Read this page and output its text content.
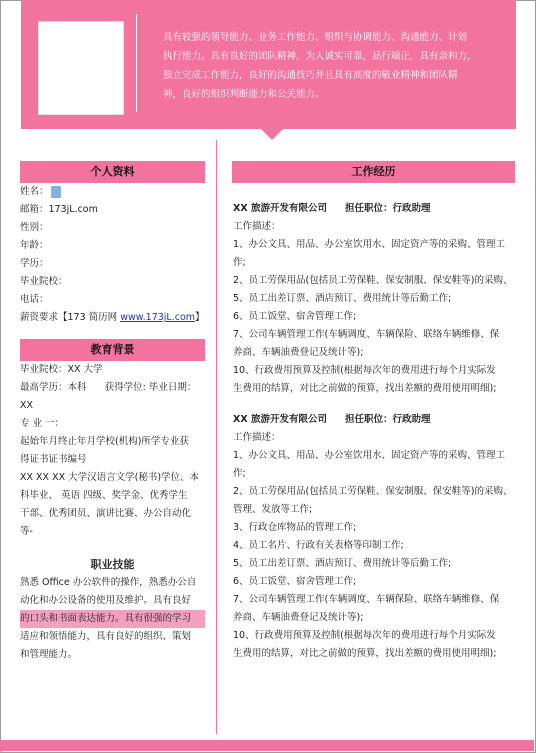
具有较强的领导能力、业务工作能力、组织与协调能力、沟通能力、计划
执行能力。具有良好的团队精神，为人诚实可靠，品行端正，具有亲和力，
独立完成工作能力，良好的沟通技巧并且具有高度的敬业精神和团队精
神，良好的组织判断能力和公关能力。
个人资料
姓名：
邮箱：173jL.com
性别：
年龄：
学历：
毕业院校：
电话：
薪资要求【173 简历网 www.173jL.com】
教育背景
毕业院校：XX 大学
最高学历：本科      获得学位: 毕业日期：
XX
专 业 一：
起始年月终止年月学校(机构)所学专业获
得证书证书编号
XX XX XX 大学汉语言文学(秘书)学位、本
科毕业、 英语 四级、奖学金、优秀学生
干部、优秀团员、演讲比赛、办公自动化
等-
职业技能
熟悉 Office 办公软件的操作，熟悉办公自
动化和办公设备的使用及维护。具有良好
的口头和书面表达能力。具有很强的学习
适应和领悟能力，具有良好的组织、策划
和管理能力。
工作经历
XX 旅游开发有限公司 担任职位：行政助理
工作描述：
1、办公文具、用品、办公室饮用水、固定资产等的采购、管理工
作;
2、员工劳保用品(包括员工劳保鞋、保安制服、保安鞋等)的采购、
5、员工出差订票、酒店预订、费用统计等后勤工作;
6、员工饭堂、宿舍管理工作;
7、公司车辆管理工作(车辆调度、车辆保险、联络车辆维修、保
养商、车辆油费登记及统计等);
10、行政费用预算及控制(根据每次年的费用进行每个月实际发
生费用的结算，对比之前做的预算，找出差额的费用使用明细);
XX 旅游开发有限公司 担任职位：行政助理
工作描述：
1、办公文具、用品、办公室饮用水、固定资产等的采购、管理工
作;
2、员工劳保用品(包括员工劳保鞋、保安制服、保安鞋等)的采购、
管理、发放等工作;
3、行政仓库物品的管理工作;
4、员工名片、行政有关表格等印制工作;
5、员工出差订票、酒店预订、费用统计等后勤工作;
6、员工饭堂、宿舍管理工作;
7、公司车辆管理工作(车辆调度、车辆保险、联络车辆维修、保
养商、车辆油费登记及统计等);
10、行政费用预算及控制(根据每次年的费用进行每个月实际发
生费用的结算，对比之前做的预算，找出差额的费用使用明细);
